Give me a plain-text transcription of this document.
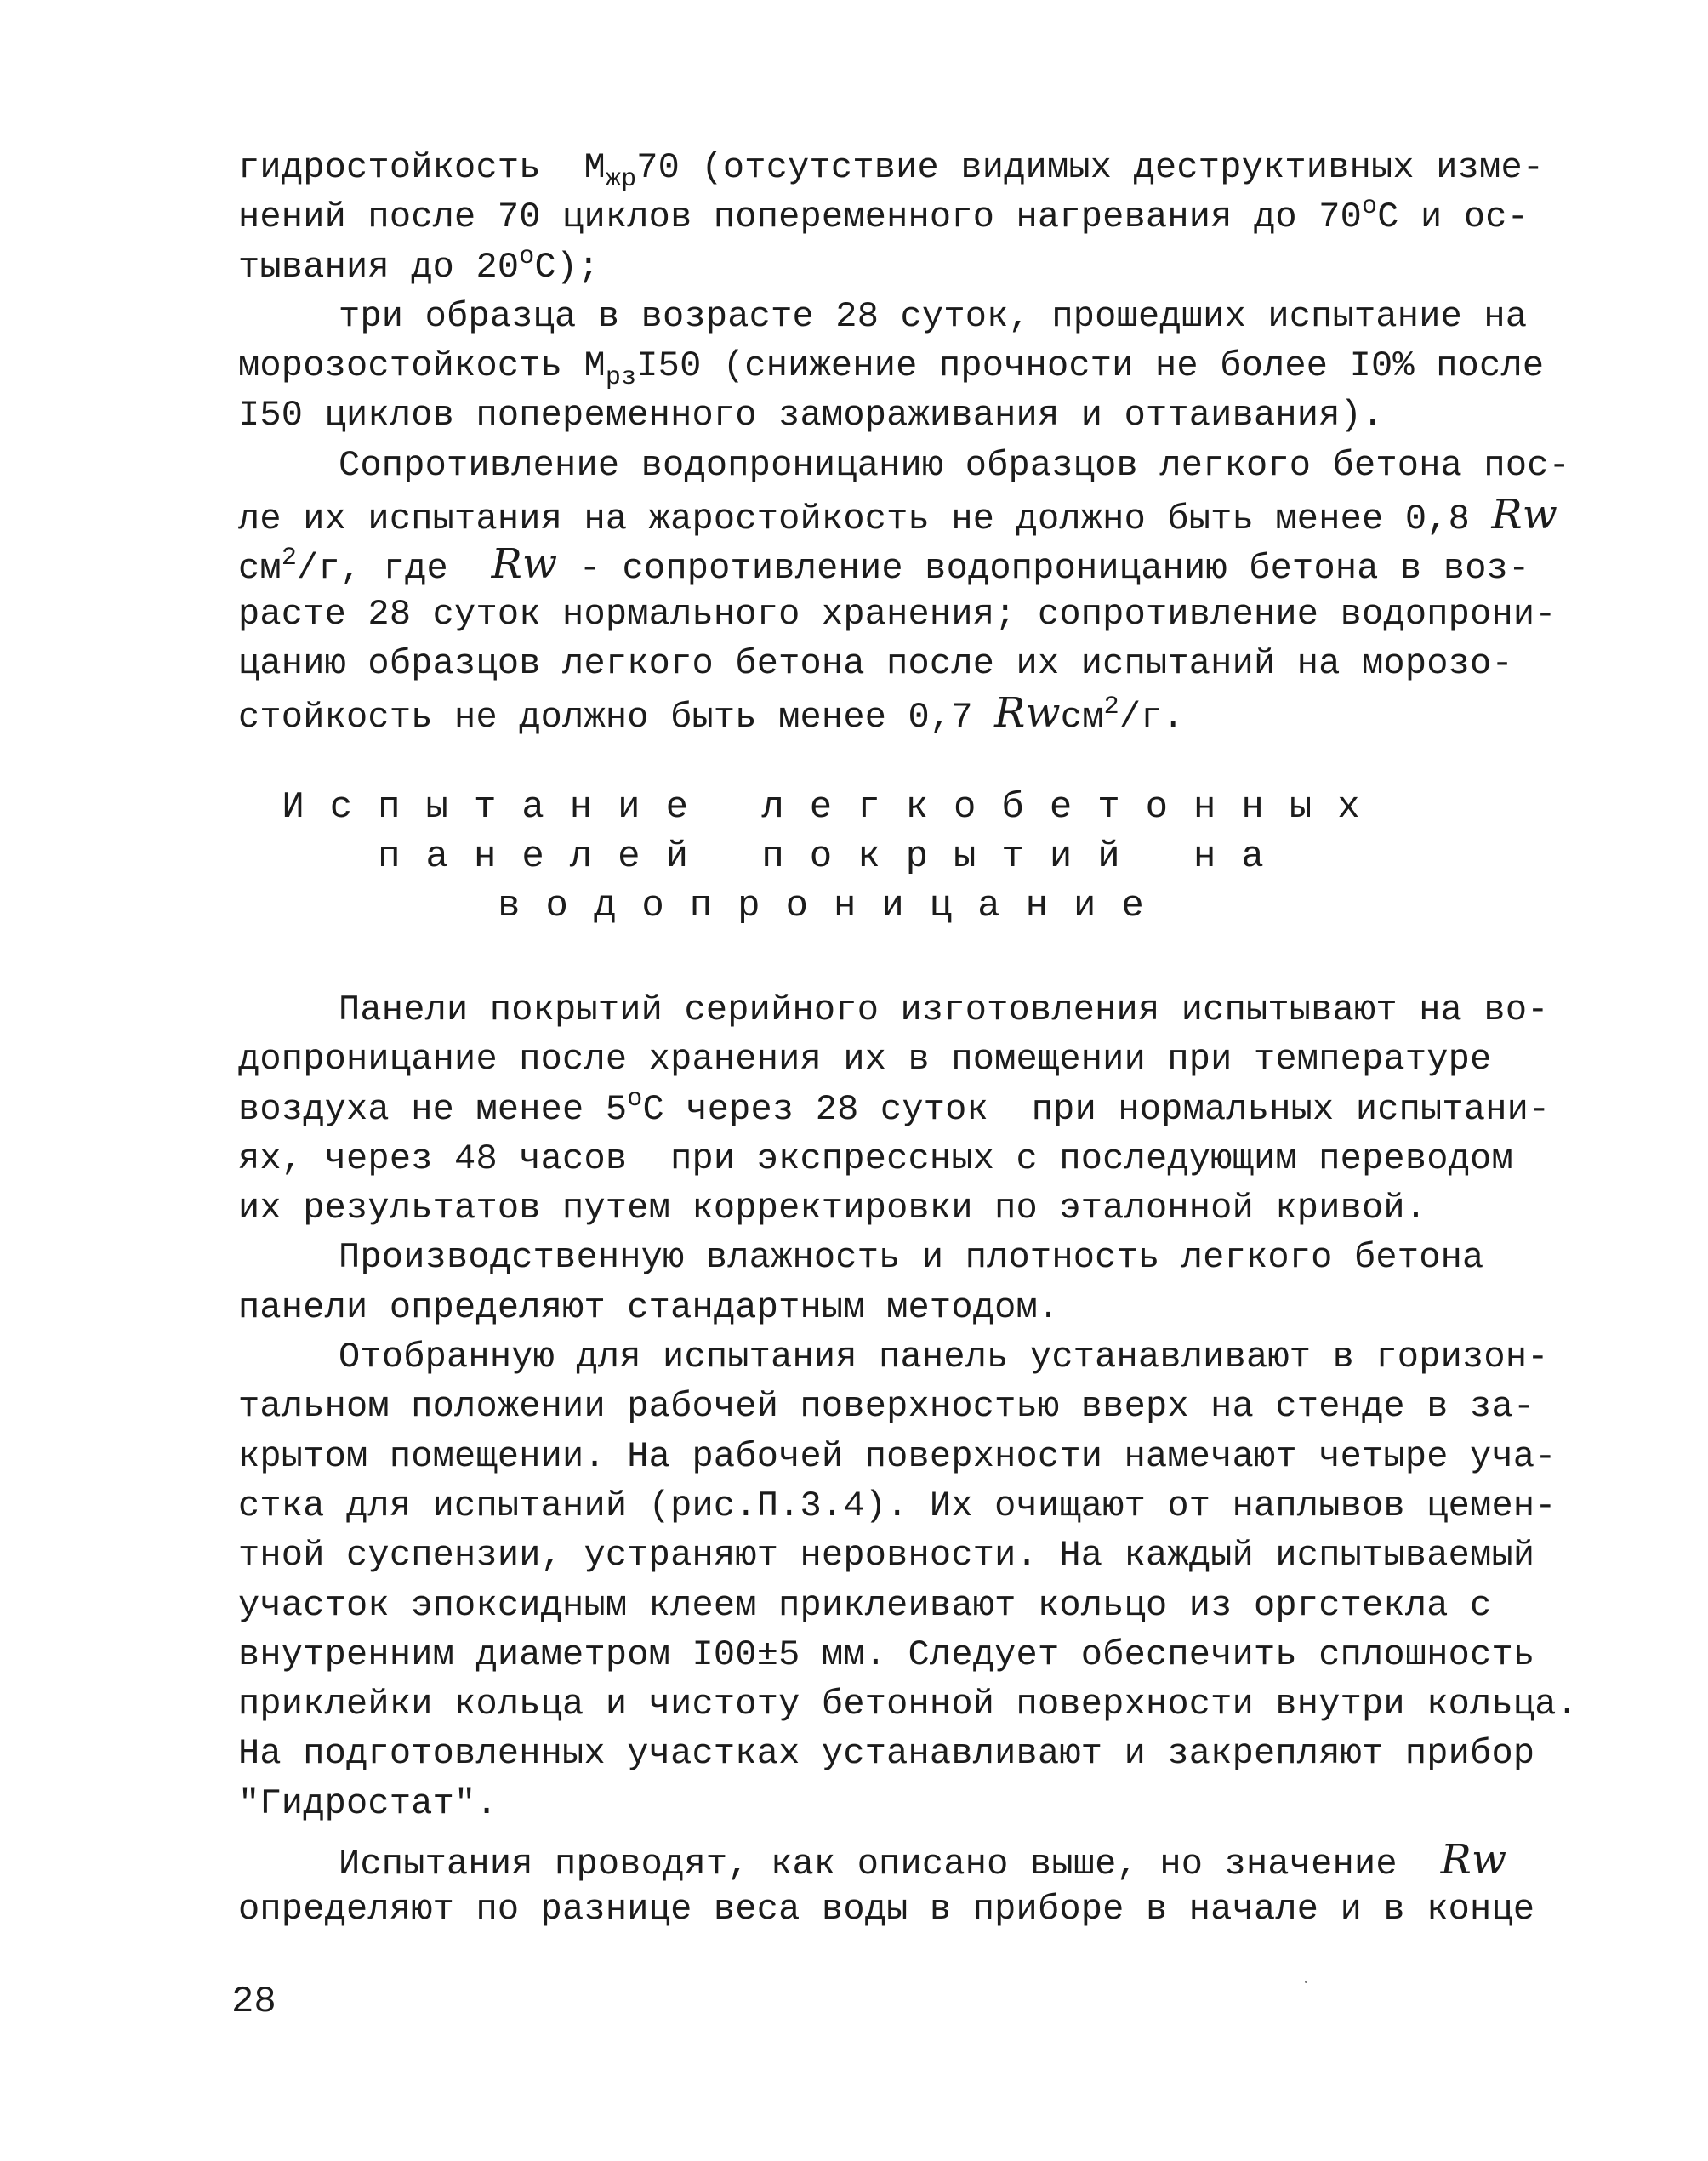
гидростойкость  $М_{жр}70$ (отсутствие видимых деструктивных изме-
нений после 70 циклов попеременного нагревания до $70^оС$ и ос-
тывания до $20^оС$);
три образца в возрасте 28 суток, прошедших испытание на
морозостойкость $М_{рз}I50$ (снижение прочности не более I0% после
I50 циклов попеременного замораживания и оттаивания).
Сопротивление водопроницанию образцов легкого бетона пос-
ле их испытания на жаростойкость не должно быть менее 0,8 Rw
$см^2/г$, где  Rw - сопротивление водопроницанию бетона в воз-
расте 28 суток нормального хранения; сопротивление водопрони-
цанию образцов легкого бетона после их испытаний на морозо-
стойкость не должно быть менее 0,7 Rwсм$^2$/г.
Испытание легкобетонных
панелей покрытий на
водопроницание
Панели покрытий серийного изготовления испытывают на во-
допроницание после хранения их в помещении при температуре
воздуха не менее $5^оС$ через 28 суток  при нормальных испытани-
ях, через 48 часов  при экспрессных с последующим переводом
их результатов путем корректировки по эталонной кривой.
Производственную влажность и плотность легкого бетона
панели определяют стандартным методом.
Отобранную для испытания панель устанавливают в горизон-
тальном положении рабочей поверхностью вверх на стенде в за-
крытом помещении. На рабочей поверхности намечают четыре уча-
стка для испытаний (рис.П.3.4). Их очищают от наплывов цемен-
тной суспензии, устраняют неровности. На каждый испытываемый
участок эпоксидным клеем приклеивают кольцо из оргстекла с
внутренним диаметром I00±5 мм. Следует обеспечить сплошность
приклейки кольца и чистоту бетонной поверхности внутри кольца.
На подготовленных участках устанавливают и закрепляют прибор
"Гидростат".
Испытания проводят, как описано выше, но значение  Rw
определяют по разнице веса воды в приборе в начале и в конце
28
